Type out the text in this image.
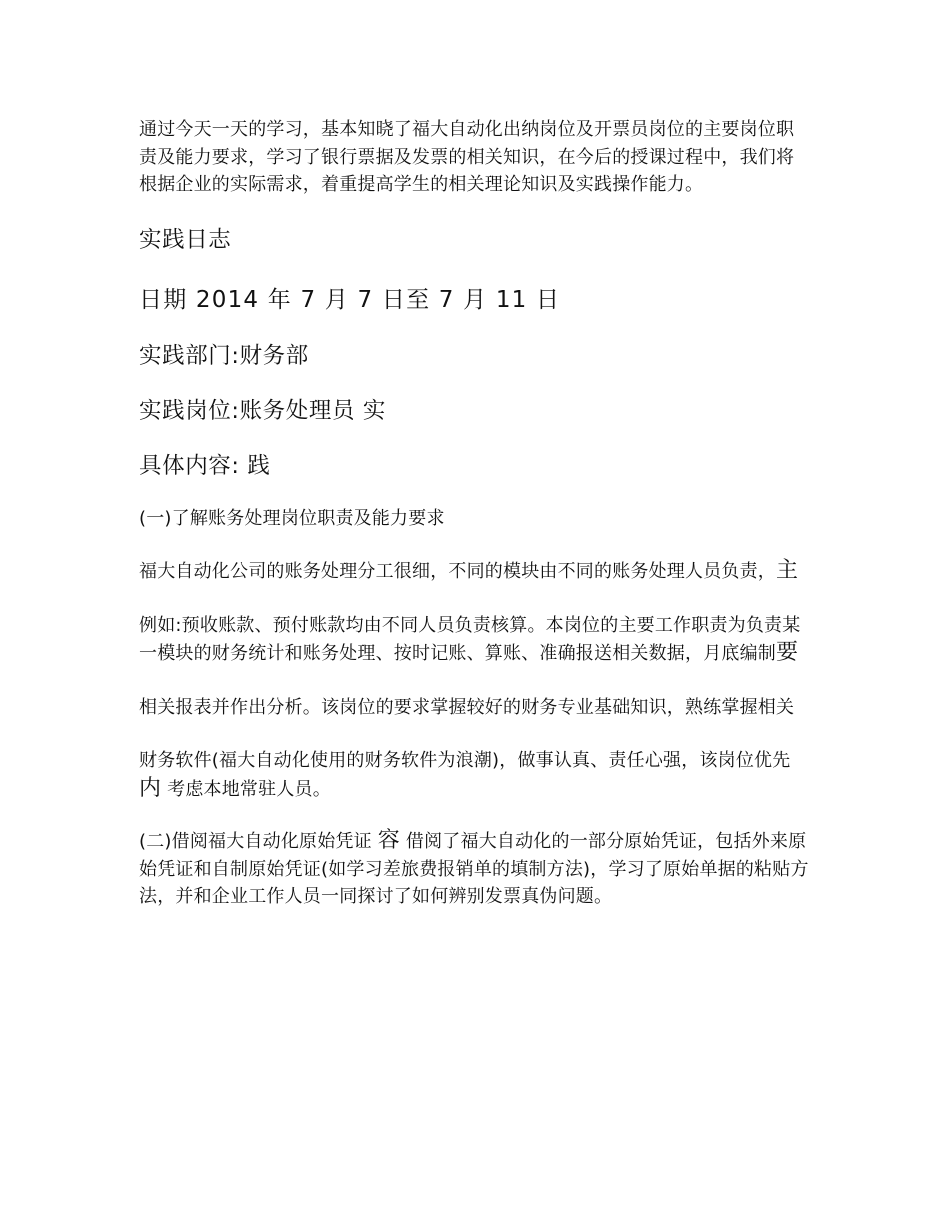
通过今天一天的学习，基本知晓了福大自动化出纳岗位及开票员岗位的主要岗位职责及能力要求，学习了银行票据及发票的相关知识，在今后的授课过程中，我们将根据企业的实际需求，着重提高学生的相关理论知识及实践操作能力。

实践日志

日期 2014 年 7 月 7 日至 7 月 11 日

实践部门:财务部

实践岗位:账务处理员 实

具体内容: 践

(一)了解账务处理岗位职责及能力要求

福大自动化公司的账务处理分工很细，不同的模块由不同的账务处理人员负责，主

例如:预收账款、预付账款均由不同人员负责核算。本岗位的主要工作职责为负责某一模块的财务统计和账务处理、按时记账、算账、准确报送相关数据，月底编制要

相关报表并作出分析。该岗位的要求掌握较好的财务专业基础知识，熟练掌握相关

财务软件(福大自动化使用的财务软件为浪潮)，做事认真、责任心强，该岗位优先内 考虑本地常驻人员。

(二)借阅福大自动化原始凭证 容 借阅了福大自动化的一部分原始凭证，包括外来原始凭证和自制原始凭证(如学习差旅费报销单的填制方法)，学习了原始单据的粘贴方法，并和企业工作人员一同探讨了如何辨别发票真伪问题。
